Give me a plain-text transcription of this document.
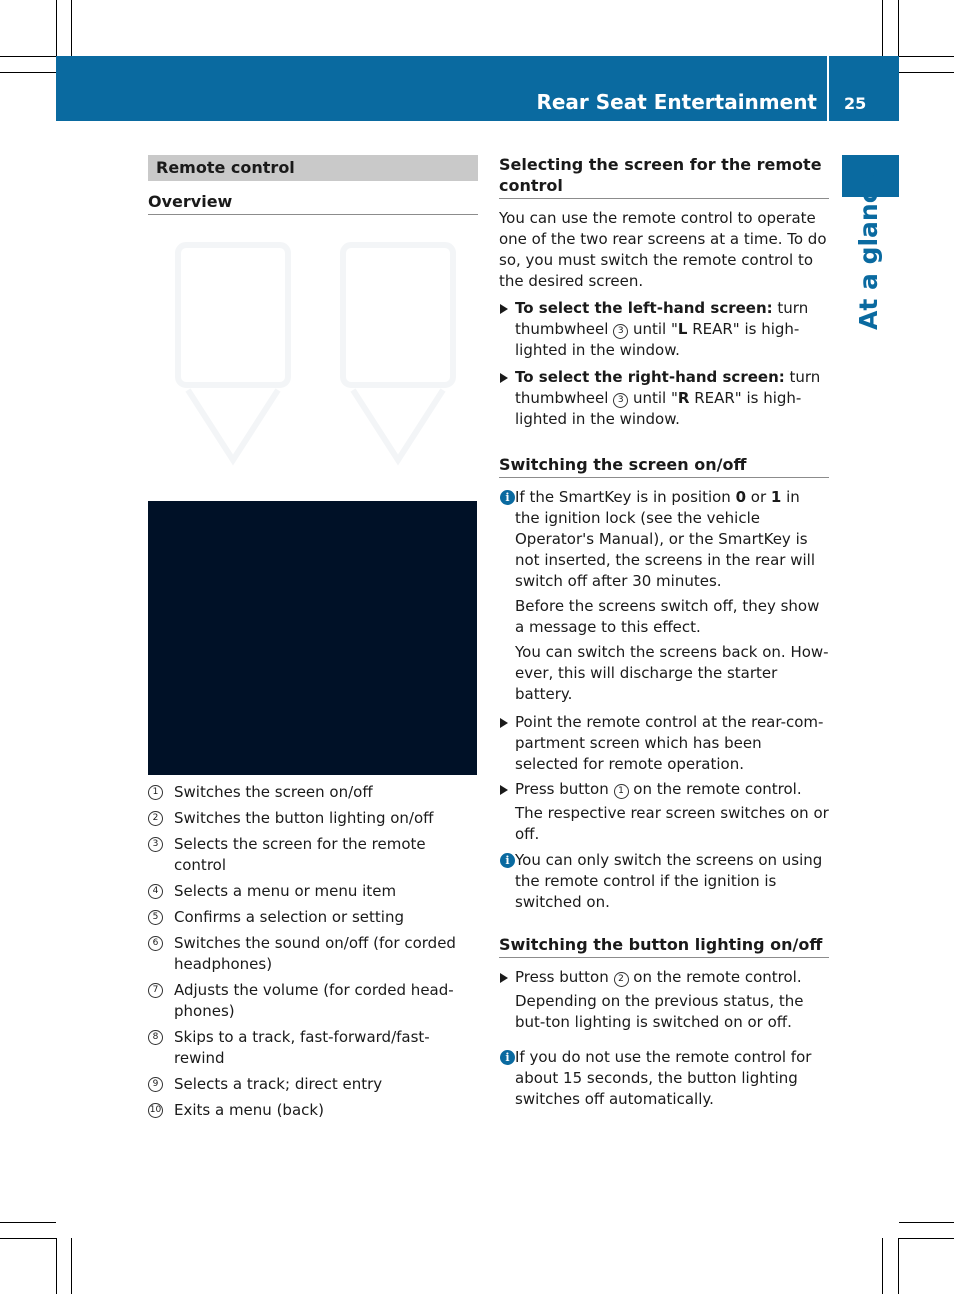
Rear Seat Entertainment 25
At a glance
Remote control
Overview
1	Switches the screen on/off
2	Switches the button lighting on/off
3	Selects the screen for the remote control
4	Selects a menu or menu item
5	Confirms a selection or setting
6	Switches the sound on/off (for corded headphones)
7	Adjusts the volume (for corded head-phones)
8	Skips to a track, fast-forward/fast-rewind
9	Selects a track; direct entry
10 Exits a menu (back)
Selecting the screen for the remote control

You can use the remote control to operate one of the two rear screens at a time. To do so, you must switch the remote control to the desired screen.

To select the left-hand screen: turn thumbwheel 3 until "L REAR" is high-lighted in the window.
To select the right-hand screen: turn thumbwheel 3 until "R REAR" is high-lighted in the window.
Switching the screen on/off
i If the SmartKey is in position 0 or 1 in the ignition lock (see the vehicle Operator's Manual), or the SmartKey is not inserted, the screens in the rear will switch off after 30 minutes.

Before the screens switch off, they show a message to this effect.

You can switch the screens back on. How-ever, this will discharge the starter battery.

Point the remote control at the rear-com-partment screen which has been selected for remote operation.
Press button 1 on the remote control.

The respective rear screen switches on or off.

i You can only switch the screens on using the remote control if the ignition is switched on.

Switching the button lighting on/off
Press button 2 on the remote control.

Depending on the previous status, the but-ton lighting is switched on or off.

i If you do not use the remote control for about 15 seconds, the button lighting switches off automatically.
